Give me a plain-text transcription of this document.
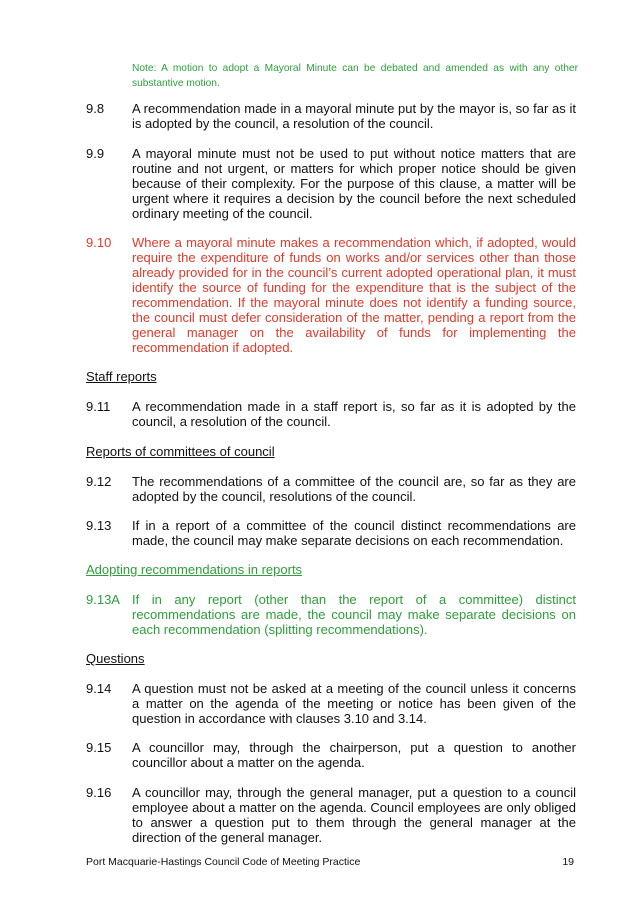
Note: A motion to adopt a Mayoral Minute can be debated and amended as with any other substantive motion.
9.8	A recommendation made in a mayoral minute put by the mayor is, so far as it is adopted by the council, a resolution of the council.
9.9	A mayoral minute must not be used to put without notice matters that are routine and not urgent, or matters for which proper notice should be given because of their complexity. For the purpose of this clause, a matter will be urgent where it requires a decision by the council before the next scheduled ordinary meeting of the council.
9.10	Where a mayoral minute makes a recommendation which, if adopted, would require the expenditure of funds on works and/or services other than those already provided for in the council’s current adopted operational plan, it must identify the source of funding for the expenditure that is the subject of the recommendation. If the mayoral minute does not identify a funding source, the council must defer consideration of the matter, pending a report from the general manager on the availability of funds for implementing the recommendation if adopted.
Staff reports
9.11	A recommendation made in a staff report is, so far as it is adopted by the council, a resolution of the council.
Reports of committees of council
9.12	The recommendations of a committee of the council are, so far as they are adopted by the council, resolutions of the council.
9.13	If in a report of a committee of the council distinct recommendations are made, the council may make separate decisions on each recommendation.
Adopting recommendations in reports
9.13A If in any report (other than the report of a committee) distinct recommendations are made, the council may make separate decisions on each recommendation (splitting recommendations).
Questions
9.14	A question must not be asked at a meeting of the council unless it concerns a matter on the agenda of the meeting or notice has been given of the question in accordance with clauses 3.10 and 3.14.
9.15	A councillor may, through the chairperson, put a question to another councillor about a matter on the agenda.
9.16	A councillor may, through the general manager, put a question to a council employee about a matter on the agenda. Council employees are only obliged to answer a question put to them through the general manager at the direction of the general manager.
Port Macquarie-Hastings Council Code of Meeting Practice	19
